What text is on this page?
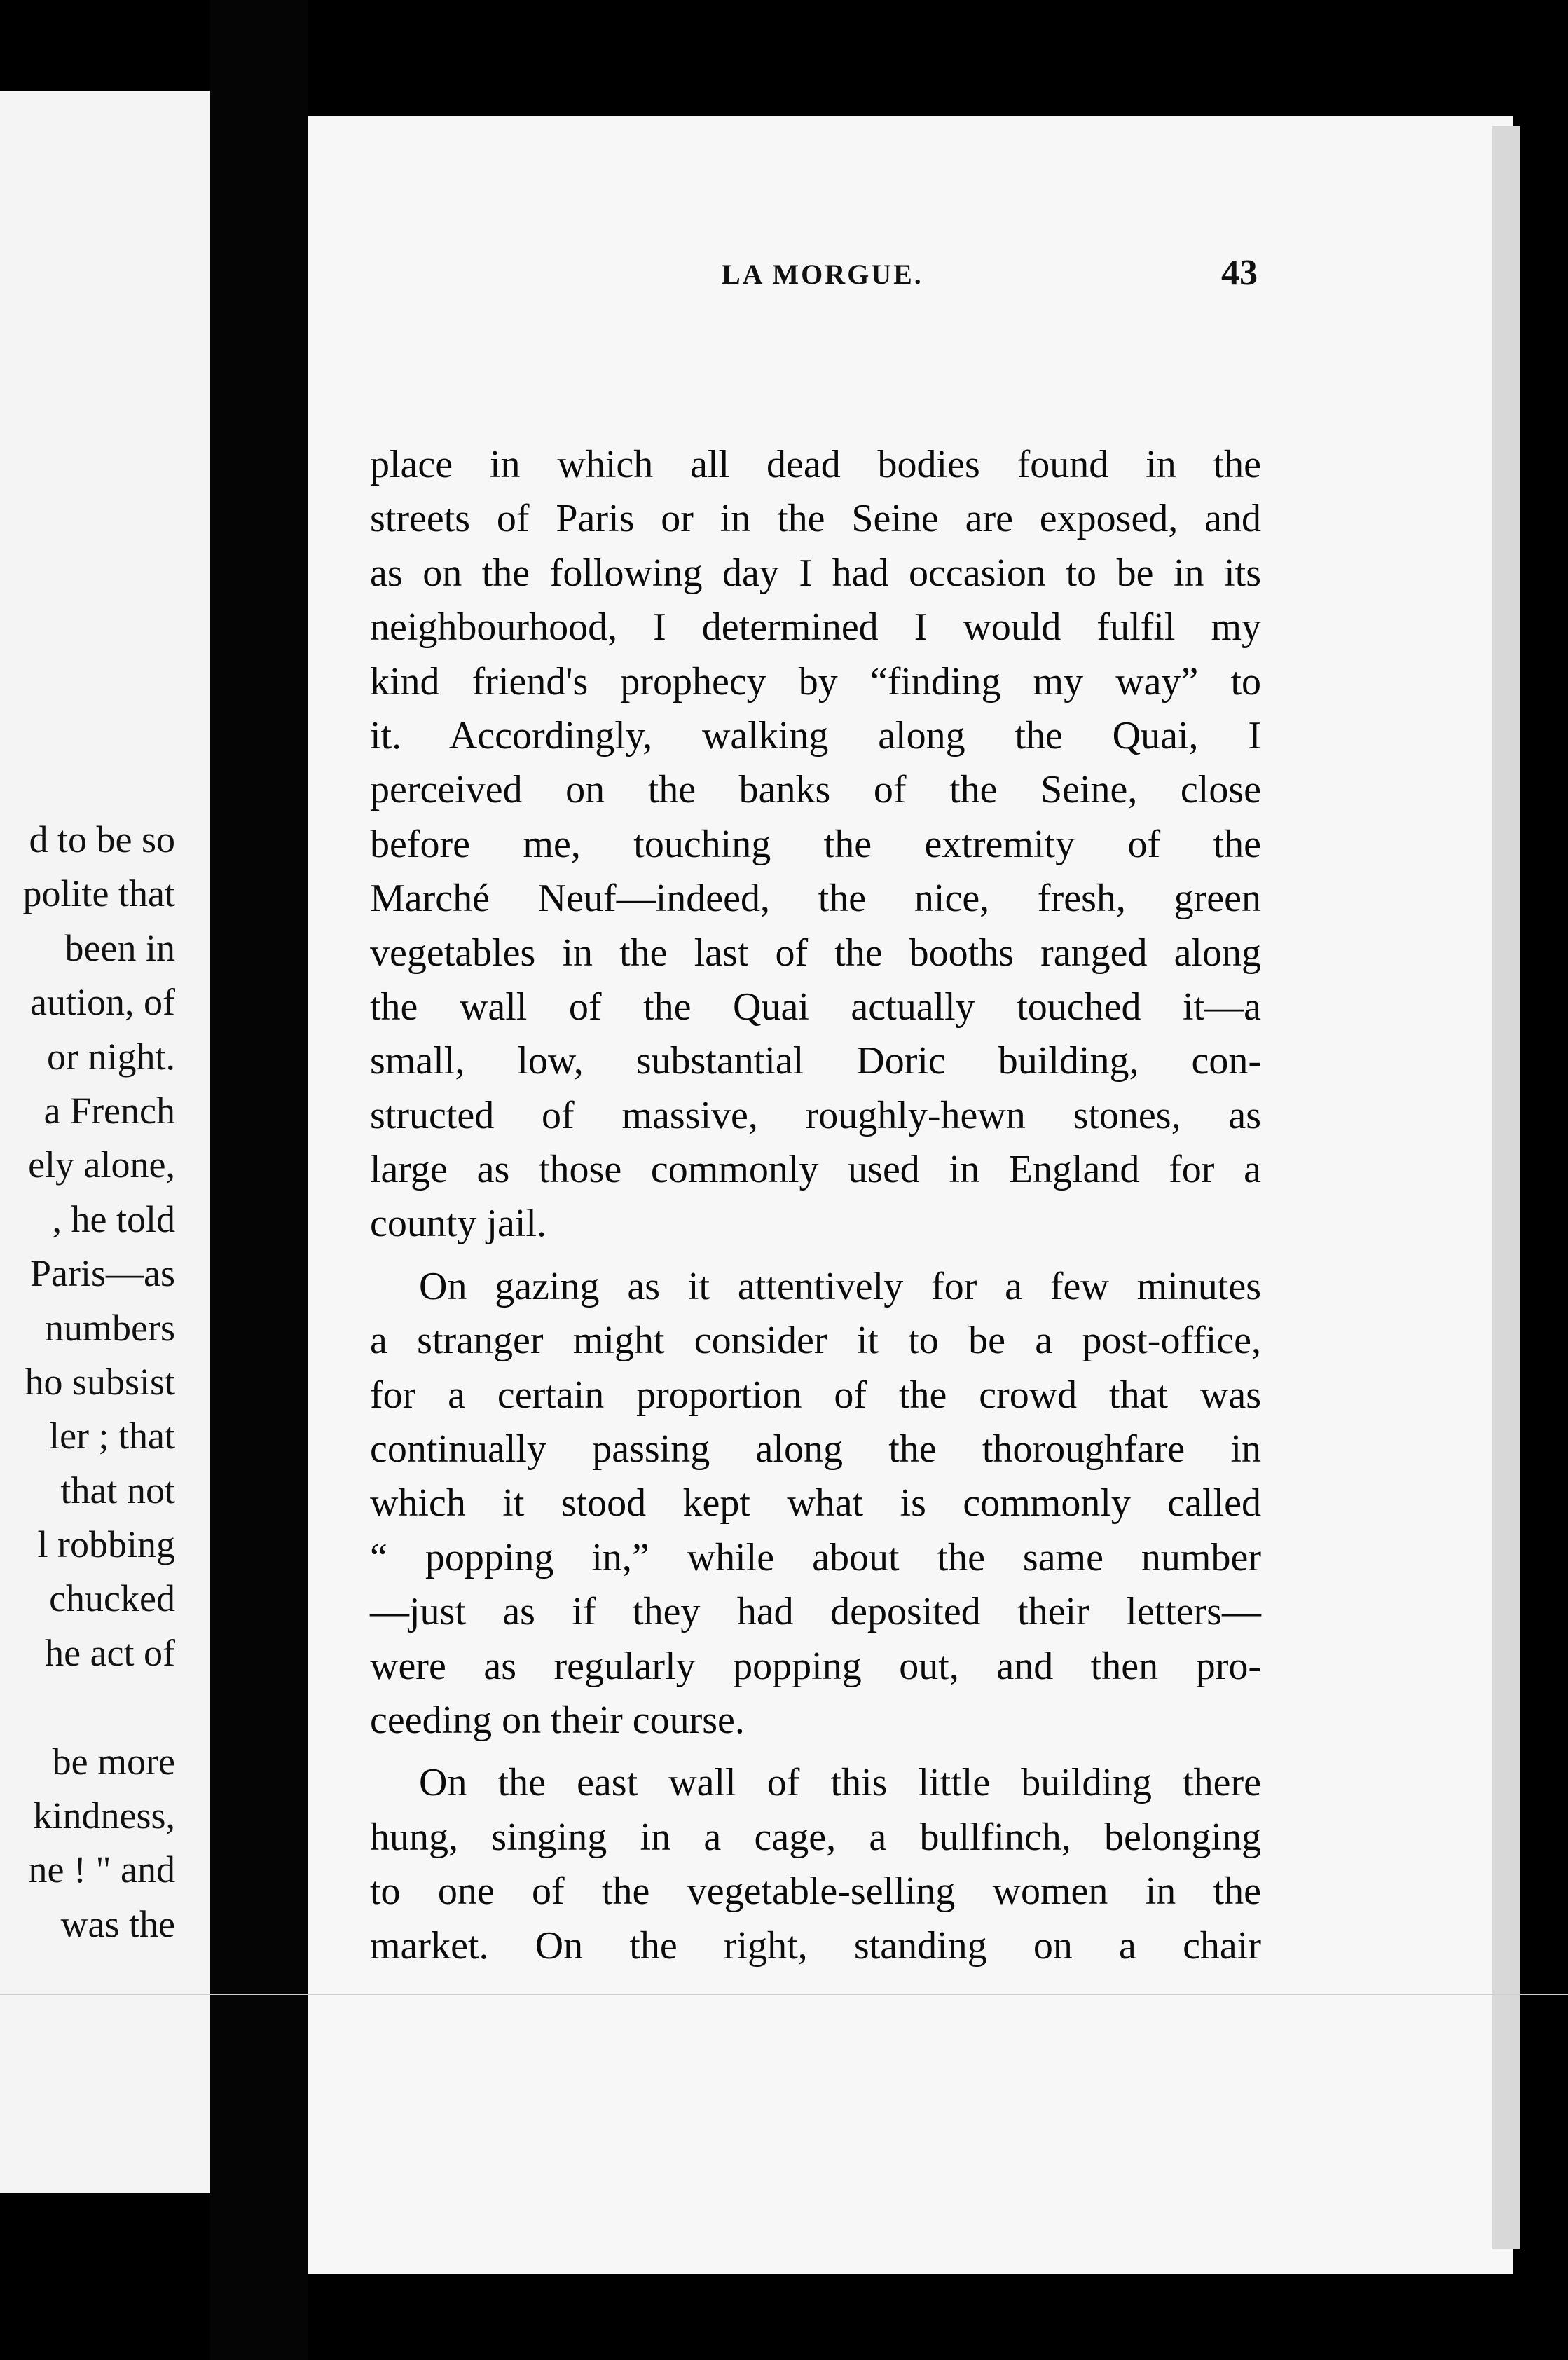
d to be so
polite that
been in
aution, of
or night.
a French
ely alone,
, he told
Paris—as
numbers
ho subsist
ler ; that
that not
l robbing
chucked
he act of
be more
kindness,
ne ! " and
was the
LA MORGUE.	43
place in which all dead bodies found in the
streets of Paris or in the Seine are exposed, and
as on the following day I had occasion to be in its
neighbourhood, I determined I would fulfil my
kind friend's prophecy by “finding my way” to
it. Accordingly, walking along the Quai, I
perceived on the banks of the Seine, close
before me, touching the extremity of the
Marché Neuf—indeed, the nice, fresh, green
vegetables in the last of the booths ranged along
the wall of the Quai actually touched it—a
small, low, substantial Doric building, con-
structed of massive, roughly-hewn stones, as
large as those commonly used in England for a
county jail.
On gazing as it attentively for a few minutes
a stranger might consider it to be a post-office,
for a certain proportion of the crowd that was
continually passing along the thoroughfare in
which it stood kept what is commonly called
“ popping in,” while about the same number
—just as if they had deposited their letters—
were as regularly popping out, and then pro-
ceeding on their course.
On the east wall of this little building there
hung, singing in a cage, a bullfinch, belonging
to one of the vegetable-selling women in the
market. On the right, standing on a chair
